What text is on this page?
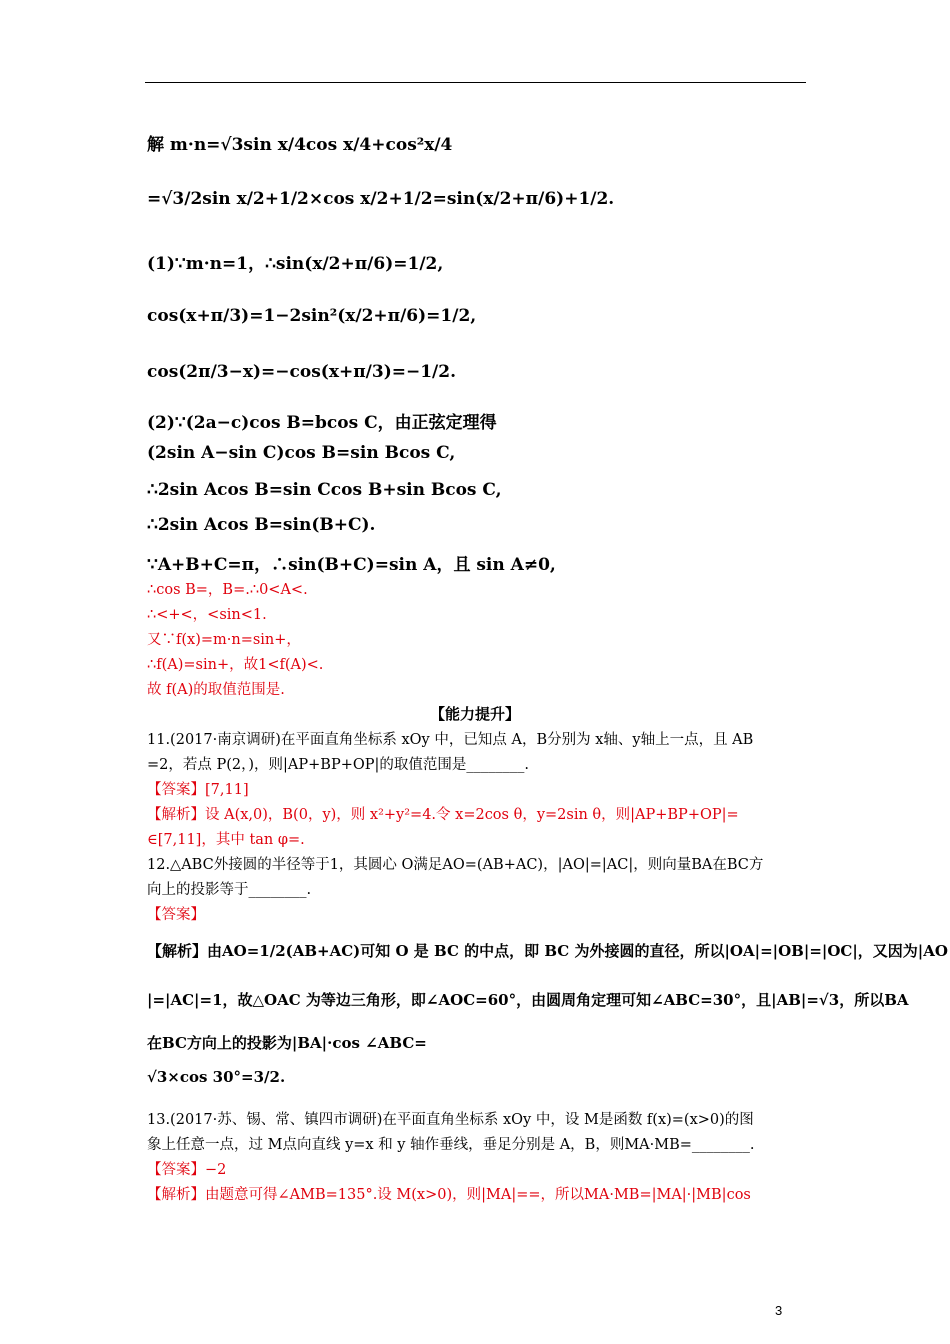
解 m·n=√3sin x/4cos x/4+cos²x/4
=√3/2sin x/2+1/2×cos x/2+1/2=sin(x/2+π/6)+1/2.
(1)∵m·n=1，∴sin(x/2+π/6)=1/2,
cos(x+π/3)=1−2sin²(x/2+π/6)=1/2,
cos(2π/3−x)=−cos(x+π/3)=−1/2.
(2)∵(2a−c)cos B=bcos C，由正弦定理得
(2sin A−sin C)cos B=sin Bcos C,
∴2sin Acos B=sin Ccos B+sin Bcos C,
∴2sin Acos B=sin(B+C).
∵A+B+C=π，∴sin(B+C)=sin A，且 sin A≠0,
∴cos B=，B=.∴0<A<.
∴<+<，<sin<1.
又∵f(x)=m·n=sin+，
∴f(A)=sin+，故1<f(A)<.
故 f(A)的取值范围是.
【能力提升】
11.(2017·南京调研)在平面直角坐标系 xOy 中，已知点 A，B分别为 x轴、y轴上一点，且 AB
=2，若点 P(2，)，则|AP+BP+OP|的取值范围是________.
【答案】[7,11]
【解析】设 A(x,0)，B(0，y)，则 x²+y²=4.令 x=2cos θ，y=2sin θ，则|AP+BP+OP|=
∈[7,11]，其中 tan φ=.
12.△ABC外接圆的半径等于1，其圆心 O满足AO=(AB+AC)，|AO|=|AC|，则向量BA在BC方
向上的投影等于________.
【答案】
【解析】由AO=1/2(AB+AC)可知 O 是 BC 的中点，即 BC 为外接圆的直径，所以|OA|=|OB|=|OC|，又因为|AO
|=|AC|=1，故△OAC 为等边三角形，即∠AOC=60°，由圆周角定理可知∠ABC=30°，且|AB|=√3，所以BA
在BC方向上的投影为|BA|·cos ∠ABC=
√3×cos 30°=3/2.
13.(2017·苏、锡、常、镇四市调研)在平面直角坐标系 xOy 中，设 M是函数 f(x)=(x>0)的图
象上任意一点，过 M点向直线 y=x 和 y 轴作垂线，垂足分别是 A，B，则MA·MB=________.
【答案】−2
【解析】由题意可得∠AMB=135°.设 M(x>0)，则|MA|==，所以MA·MB=|MA|·|MB|cos
3
